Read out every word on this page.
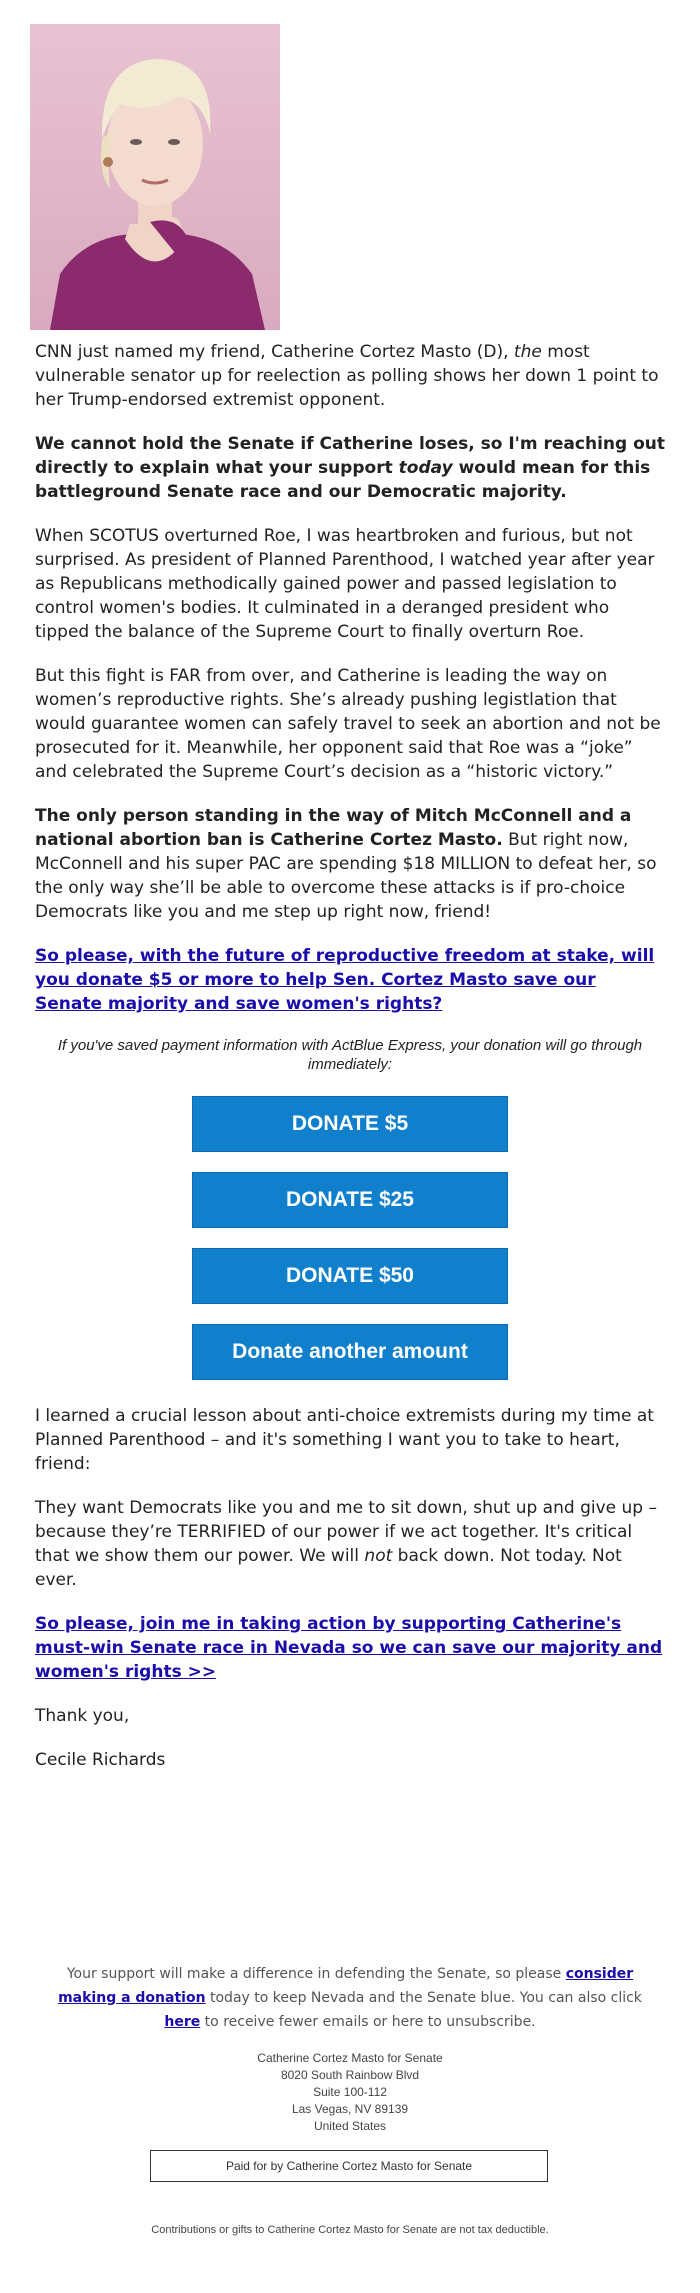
CNN just named my friend, Catherine Cortez Masto (D), the most vulnerable senator up for reelection as polling shows her down 1 point to her Trump-endorsed extremist opponent.

We cannot hold the Senate if Catherine loses, so I'm reaching out directly to explain what your support today would mean for this battleground Senate race and our Democratic majority.

When SCOTUS overturned Roe, I was heartbroken and furious, but not surprised. As president of Planned Parenthood, I watched year after year as Republicans methodically gained power and passed legislation to control women's bodies. It culminated in a deranged president who tipped the balance of the Supreme Court to finally overturn Roe.

But this fight is FAR from over, and Catherine is leading the way on women’s reproductive rights. She’s already pushing legistlation that would guarantee women can safely travel to seek an abortion and not be prosecuted for it. Meanwhile, her opponent said that Roe was a “joke” and celebrated the Supreme Court’s decision as a “historic victory.”

The only person standing in the way of Mitch McConnell and a national abortion ban is Catherine Cortez Masto. But right now, McConnell and his super PAC are spending $18 MILLION to defeat her, so the only way she’ll be able to overcome these attacks is if pro-choice Democrats like you and me step up right now, friend!

So please, with the future of reproductive freedom at stake, will you donate $5 or more to help Sen. Cortez Masto save our Senate majority and save women's rights?

If you've saved payment information with ActBlue Express, your donation will go through immediately:
DONATE $5
DONATE $25
DONATE $50
Donate another amount

I learned a crucial lesson about anti-choice extremists during my time at Planned Parenthood – and it's something I want you to take to heart, friend:

They want Democrats like you and me to sit down, shut up and give up – because they’re TERRIFIED of our power if we act together. It's critical that we show them our power. We will not back down. Not today. Not ever.

So please, join me in taking action by supporting Catherine's must-win Senate race in Nevada so we can save our majority and women's rights >>

Thank you,

Cecile Richards

Your support will make a difference in defending the Senate, so please consider making a donation today to keep Nevada and the Senate blue. You can also click here to receive fewer emails or here to unsubscribe.
Catherine Cortez Masto for Senate
8020 South Rainbow Blvd
Suite 100-112
Las Vegas, NV 89139
United States
Paid for by Catherine Cortez Masto for Senate
Contributions or gifts to Catherine Cortez Masto for Senate are not tax deductible.
